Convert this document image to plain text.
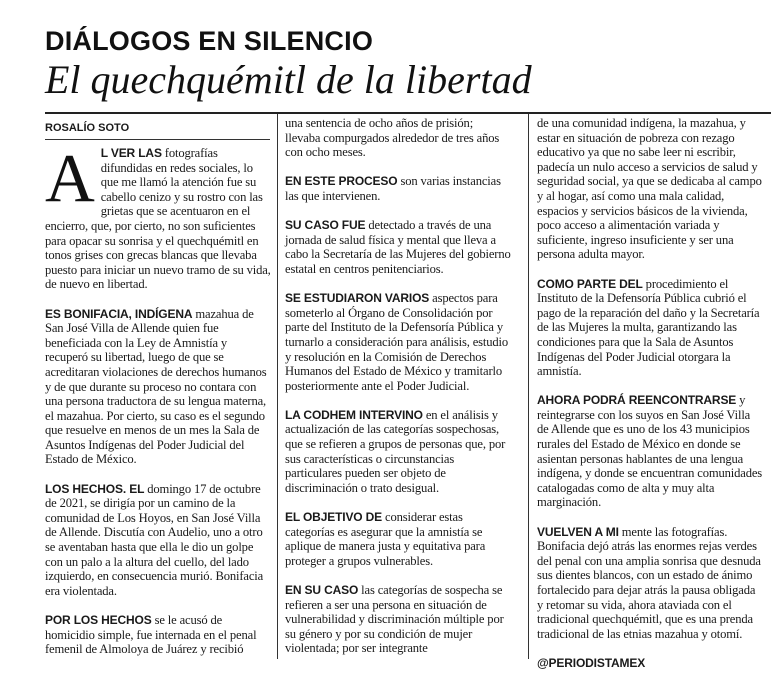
DIÁLOGOS EN SILENCIO
El quechquémitl de la libertad
ROSALÍO SOTO

A L VER LAS fotografías difundidas en redes sociales, lo que me llamó la atención fue su cabello cenizo y su rostro con las grietas que se acentuaron en el encierro, que, por cierto, no son suficientes para opacar su sonrisa y el quechquémitl en tonos grises con grecas blancas que llevaba puesto para iniciar un nuevo tramo de su vida, de nuevo en libertad.

ES BONIFACIA, INDÍGENA mazahua de San José Villa de Allende quien fue beneficiada con la Ley de Amnistía y recuperó su libertad, luego de que se acreditaran violaciones de derechos humanos y de que durante su proceso no contara con una persona traductora de su lengua materna, el mazahua. Por cierto, su caso es el segundo que resuelve en menos de un mes la Sala de Asuntos Indígenas del Poder Judicial del Estado de México.

LOS HECHOS. EL domingo 17 de octubre de 2021, se dirigía por un camino de la comunidad de Los Hoyos, en San José Villa de Allende. Discutía con Audelio, uno a otro se aventaban hasta que ella le dio un golpe con un palo a la altura del cuello, del lado izquierdo, en consecuencia murió. Bonifacia era violentada.

POR LOS HECHOS se le acusó de homicidio simple, fue internada en el penal femenil de Almoloya de Juárez y recibió

una sentencia de ocho años de prisión; llevaba compurgados alrededor de tres años con ocho meses.

EN ESTE PROCESO son varias instancias las que intervienen.

SU CASO FUE detectado a través de una jornada de salud física y mental que lleva a cabo la Secretaría de las Mujeres del gobierno estatal en centros penitenciarios.

SE ESTUDIARON VARIOS aspectos para someterlo al Órgano de Consolidación por parte del Instituto de la Defensoría Pública y turnarlo a consideración para análisis, estudio y resolución en la Comisión de Derechos Humanos del Estado de México y tramitarlo posteriormente ante el Poder Judicial.

LA CODHEM INTERVINO en el análisis y actualización de las categorías sospechosas, que se refieren a grupos de personas que, por sus características o circunstancias particulares pueden ser objeto de discriminación o trato desigual.

EL OBJETIVO DE considerar estas categorías es asegurar que la amnistía se aplique de manera justa y equitativa para proteger a grupos vulnerables.

EN SU CASO las categorías de sospecha se refieren a ser una persona en situación de vulnerabilidad y discriminación múltiple por su género y por su condición de mujer violentada; por ser integrante

de una comunidad indígena, la mazahua, y estar en situación de pobreza con rezago educativo ya que no sabe leer ni escribir, padecía un nulo acceso a servicios de salud y seguridad social, ya que se dedicaba al campo y al hogar, así como una mala calidad, espacios y servicios básicos de la vivienda, poco acceso a alimentación variada y suficiente, ingreso insuficiente y ser una persona adulta mayor.

COMO PARTE DEL procedimiento el Instituto de la Defensoría Pública cubrió el pago de la reparación del daño y la Secretaría de las Mujeres la multa, garantizando las condiciones para que la Sala de Asuntos Indígenas del Poder Judicial otorgara la amnistía.

AHORA PODRÁ REENCONTRARSE y reintegrarse con los suyos en San José Villa de Allende que es uno de los 43 municipios rurales del Estado de México en donde se asientan personas hablantes de una lengua indígena, y donde se encuentran comunidades catalogadas como de alta y muy alta marginación.

VUELVEN A MI mente las fotografías. Bonifacia dejó atrás las enormes rejas verdes del penal con una amplia sonrisa que desnuda sus dientes blancos, con un estado de ánimo fortalecido para dejar atrás la pausa obligada y retomar su vida, ahora ataviada con el tradicional quechquémitl, que es una prenda tradicional de las etnias mazahua y otomí.

@PERIODISTAMEX
